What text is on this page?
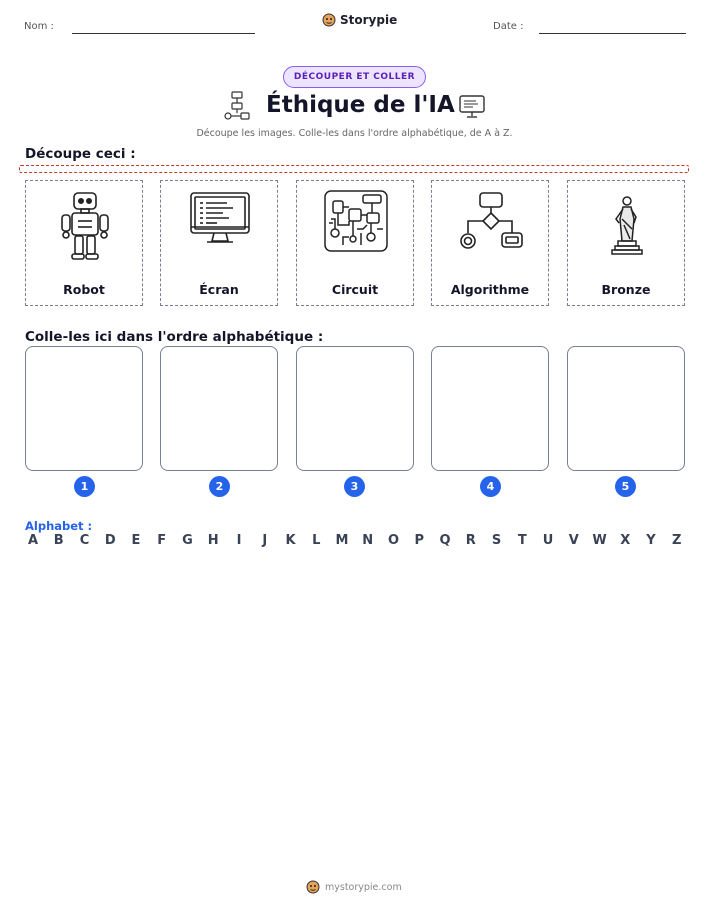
Nom :	Storypie	Date :
DÉCOUPER ET COLLER
Éthique de l'IA
Découpe les images. Colle-les dans l'ordre alphabétique, de A à Z.
Découpe ceci :
Robot	Écran	Circuit	Algorithme	Bronze
Colle-les ici dans l'ordre alphabétique :
1	2	3	4	5
Alphabet :
A B C D E F G H	I	J	K L M N O P Q R S T U V W X Y Z
mystorypie.com
